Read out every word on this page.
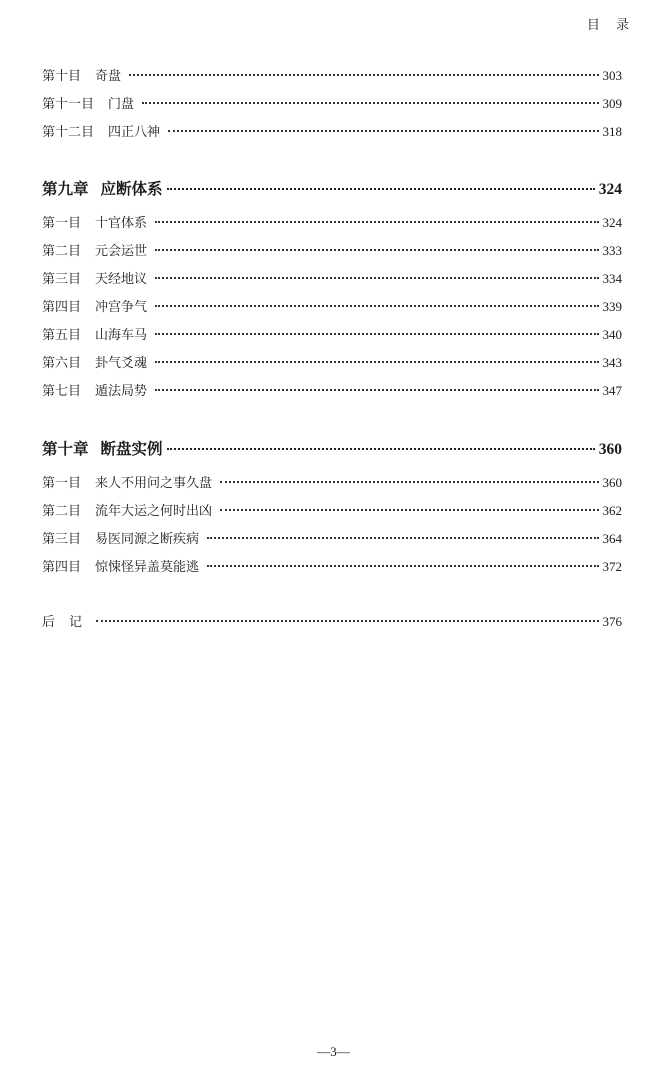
目 录
第十目 奇盘	303
第十一目 门盘	309
第十二目 四正八神	318
第九章 应断体系	324
第一目 十官体系	324
第二目 元会运世	333
第三目 天经地议	334
第四目 冲宫争气	339
第五目 山海车马	340
第六目 卦气爻魂	343
第七目 遁法局势	347
第十章 断盘实例	360
第一目 来人不用问之事久盘	360
第二目 流年大运之何时出凶	362
第三目 易医同源之断疾病	364
第四目 惊悚怪异盖莫能逃	372
后记	376
—3—
